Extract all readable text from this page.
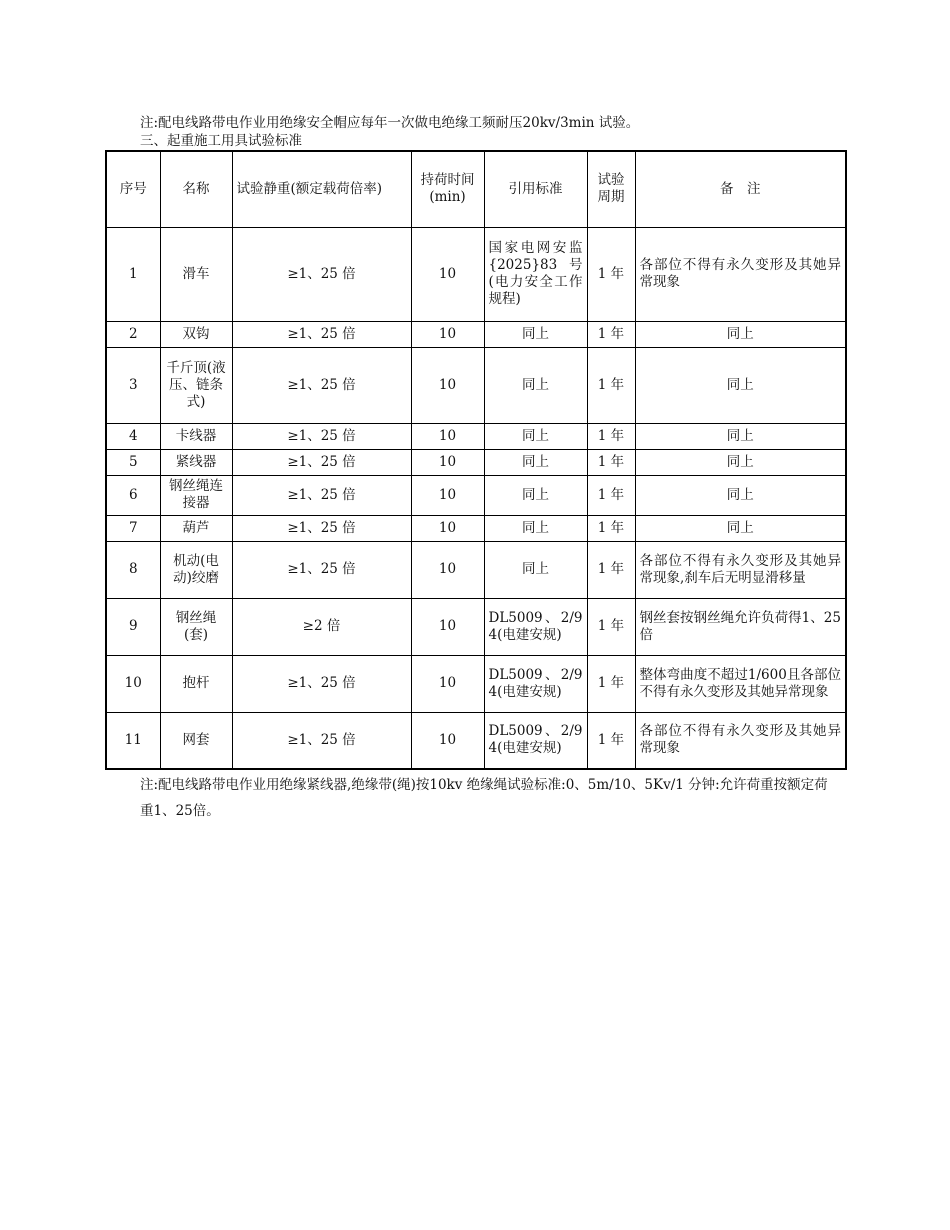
注:配电线路带电作业用绝缘安全帽应每年一次做电绝缘工频耐压20kv/3min 试验。
三、起重施工用具试验标准
序号	名称	试验静重(额定载荷倍率)	持荷时间(min)	引用标准	试验周期	备　注
1	滑车	≥1、25 倍	10	国家电网安监{2025}83号(电力安全工作规程)	1 年	各部位不得有永久变形及其她异常现象
2	双钩	≥1、25 倍	10	同上	1 年	同上
3	千斤顶(液压、链条式)	≥1、25 倍	10	同上	1 年	同上
4	卡线器	≥1、25 倍	10	同上	1 年	同上
5	紧线器	≥1、25 倍	10	同上	1 年	同上
6	钢丝绳连接器	≥1、25 倍	10	同上	1 年	同上
7	葫芦	≥1、25 倍	10	同上	1 年	同上
8	机动(电动)绞磨	≥1、25 倍	10	同上	1 年	各部位不得有永久变形及其她异常现象,刹车后无明显滑移量
9	钢丝绳(套)	≥2 倍	10	DL5009、2/94(电建安规)	1 年	钢丝套按钢丝绳允许负荷得1、25倍
10	抱杆	≥1、25 倍	10	DL5009、2/94(电建安规)	1 年	整体弯曲度不超过1/600且各部位不得有永久变形及其她异常现象
11	网套	≥1、25 倍	10	DL5009、2/94(电建安规)	1 年	各部位不得有永久变形及其她异常现象
注:配电线路带电作业用绝缘紧线器,绝缘带(绳)按10kv 绝缘绳试验标准:0、5m/10、5Kv/1 分钟:允许荷重按额定荷重1、25倍。
